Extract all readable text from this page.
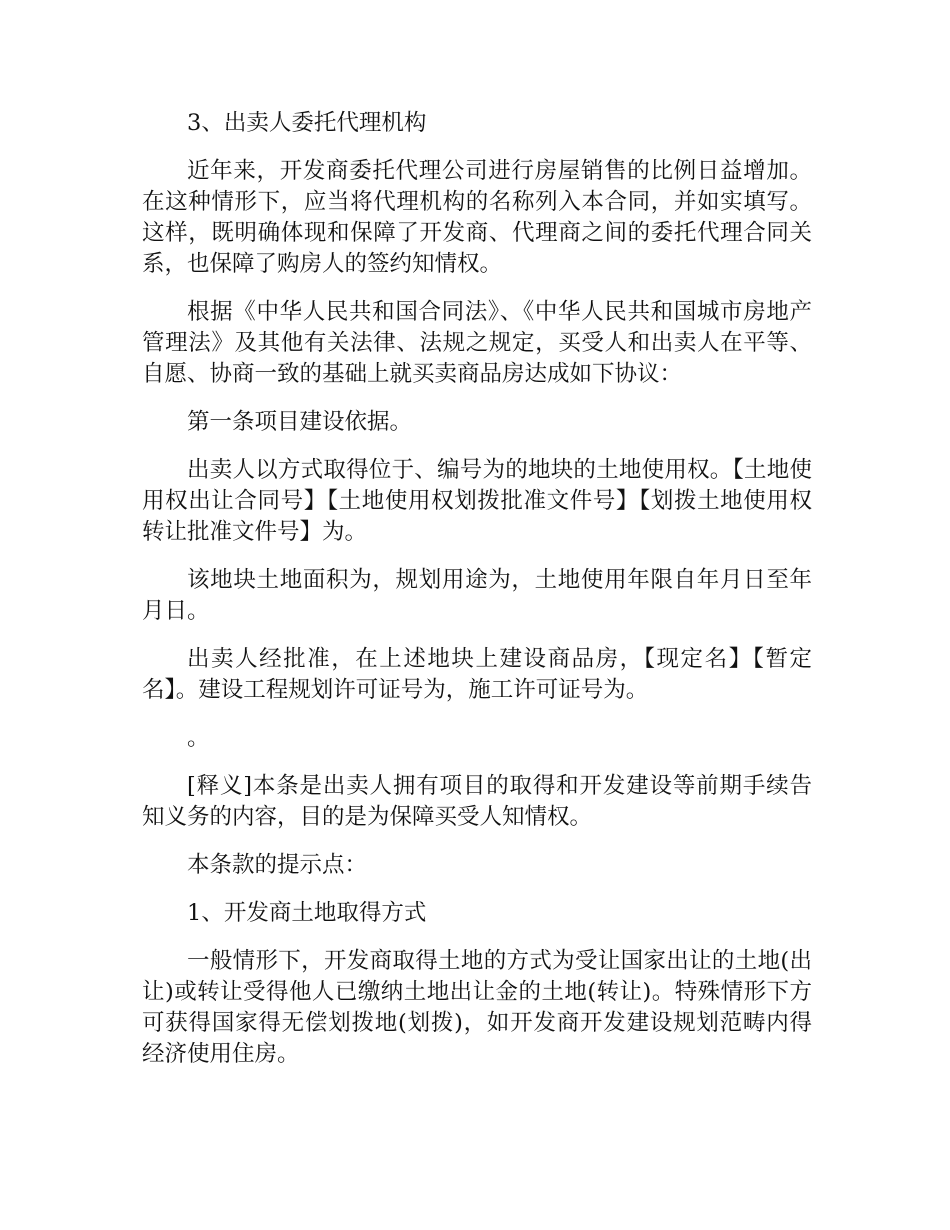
3、出卖人委托代理机构

近年来，开发商委托代理公司进行房屋销售的比例日益增加。在这种情形下，应当将代理机构的名称列入本合同，并如实填写。这样，既明确体现和保障了开发商、代理商之间的委托代理合同关系，也保障了购房人的签约知情权。

根据《中华人民共和国合同法》、《中华人民共和国城市房地产管理法》及其他有关法律、法规之规定，买受人和出卖人在平等、自愿、协商一致的基础上就买卖商品房达成如下协议：

第一条项目建设依据。

出卖人以方式取得位于、编号为的地块的土地使用权。【土地使用权出让合同号】【土地使用权划拨批准文件号】【划拨土地使用权转让批准文件号】为。

该地块土地面积为，规划用途为，土地使用年限自年月日至年月日。

出卖人经批准，在上述地块上建设商品房，【现定名】【暂定名】。建设工程规划许可证号为，施工许可证号为。

。

[释义]本条是出卖人拥有项目的取得和开发建设等前期手续告知义务的内容，目的是为保障买受人知情权。

本条款的提示点：

1、开发商土地取得方式

一般情形下，开发商取得土地的方式为受让国家出让的土地(出让)或转让受得他人已缴纳土地出让金的土地(转让)。特殊情形下方可获得国家得无偿划拨地(划拨)，如开发商开发建设规划范畴内得经济使用住房。
